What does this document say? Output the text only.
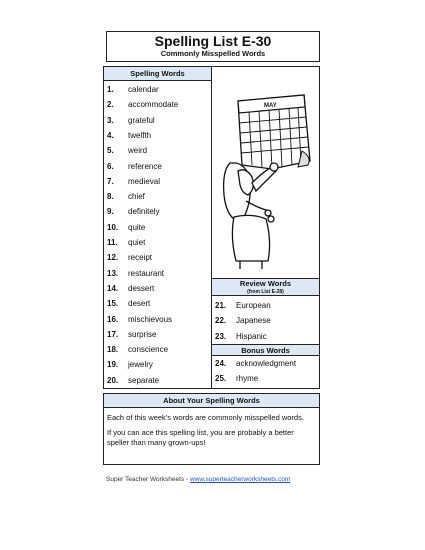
Spelling List E-30
Commonly Misspelled Words
Spelling Words
1. calendar
2. accommodate
3. grateful
4. twelfth
5. weird
6. reference
7. medieval
8. chief
9. definitely
10. quite
11. quiet
12. receipt
13. restaurant
14. dessert
15. desert
16. mischievous
17. surprise
18. conscience
19. jewelry
20. separate
MAY
Review Words
(from List E-28)
21. European
22. Japanese
23. Hispanic
Bonus Words
24. acknowledgment
25. rhyme
About Your Spelling Words

Each of this week's words are commonly misspelled words.

If you can ace this spelling list, you are probably a better speller than many grown-ups!

Super Teacher Worksheets - www.superteacherworksheets.com
